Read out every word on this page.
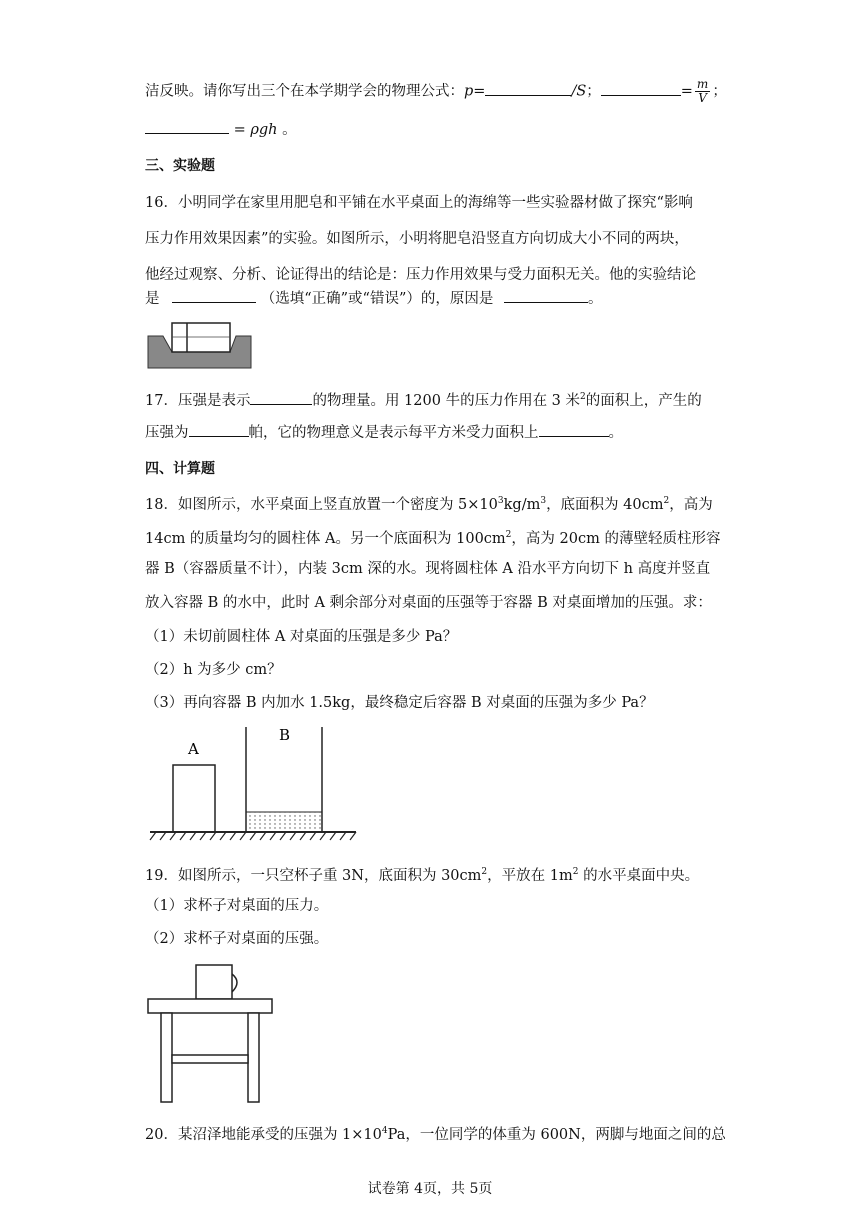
洁反映。请你写出三个在本学期学会的物理公式：p=	/S；	= $\frac{m}{V}$ ；
= ρgh 。
三、实验题
16．小明同学在家里用肥皂和平铺在水平桌面上的海绵等一些实验器材做了探究“影响
压力作用效果因素”的实验。如图所示，小明将肥皂沿竖直方向切成大小不同的两块，
他经过观察、分析、论证得出的结论是：压力作用效果与受力面积无关。他的实验结论
是	（选填“正确”或“错误”）的，原因是	。
17．压强是表示	的物理量。用 1200 牛的压力作用在 3 米$^2$的面积上，产生的
压强为	帕，它的物理意义是表示每平方米受力面积上	。
四、计算题
18．如图所示，水平桌面上竖直放置一个密度为 $5\times 10^3kg/m^3$，底面积为 $40cm^2$，高为
14cm 的质量均匀的圆柱体 A。另一个底面积为 $100cm^2$，高为 20cm 的薄壁轻质柱形容
器 B（容器质量不计），内装 3cm 深的水。现将圆柱体 A 沿水平方向切下 h 高度并竖直
放入容器 B 的水中，此时 A 剩余部分对桌面的压强等于容器 B 对桌面增加的压强。求：
（1）未切前圆柱体 A 对桌面的压强是多少 Pa？
（2）h 为多少 cm？
（3）再向容器 B 内加水 1.5kg，最终稳定后容器 B 对桌面的压强为多少 Pa？
A
B
19．如图所示，一只空杯子重 3N，底面积为 $30cm^2$，平放在 $1m^2$ 的水平桌面中央。
（1）求杯子对桌面的压力。
（2）求杯子对桌面的压强。
20．某沼泽地能承受的压强为 $1\times 10^4Pa$，一位同学的体重为 600N，两脚与地面之间的总
试卷第 4页，共 5页
